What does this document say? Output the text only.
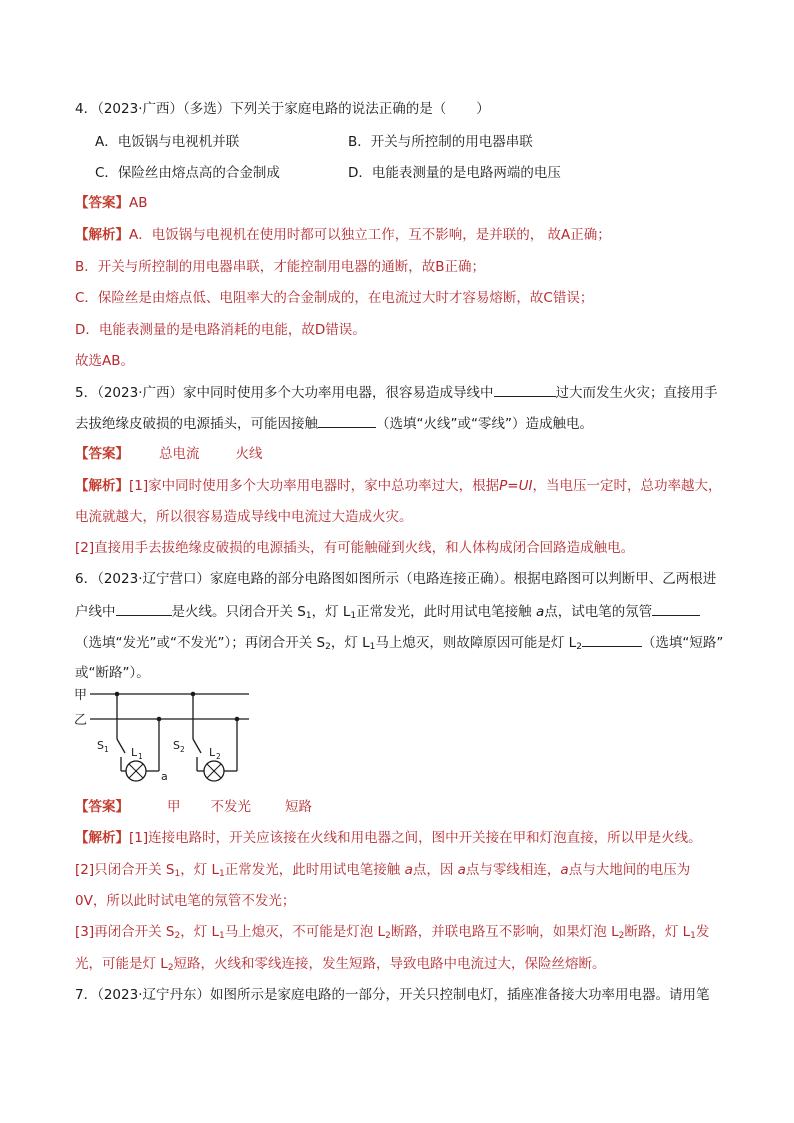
4．（2023·广西）（多选）下列关于家庭电路的说法正确的是（ ）
A．电饭锅与电视机并联	B．开关与所控制的用电器串联
C．保险丝由熔点高的合金制成	D．电能表测量的是电路两端的电压
【答案】AB
【解析】A．电饭锅与电视机在使用时都可以独立工作，互不影响，是并联的， 故A正确；
B．开关与所控制的用电器串联，才能控制用电器的通断，故B正确；
C．保险丝是由熔点低、电阻率大的合金制成的，在电流过大时才容易熔断，故C错误；
D．电能表测量的是电路消耗的电能，故D错误。
故选AB。
5．（2023·广西）家中同时使用多个大功率用电器，很容易造成导线中	过大而发生火灾；直接用手
去拔绝缘皮破损的电源插头，可能因接触	（选填“火线”或“零线”）造成触电。
【答案】 总电流	火线
【解析】[1]家中同时使用多个大功率用电器时，家中总功率过大，根据P=UI，当电压一定时，总功率越大，
电流就越大，所以很容易造成导线中电流过大造成火灾。
[2]直接用手去拔绝缘皮破损的电源插头，有可能触碰到火线，和人体构成闭合回路造成触电。
6．（2023·辽宁营口）家庭电路的部分电路图如图所示（电路连接正确）。根据电路图可以判断甲、乙两根进
户线中	是火线。只闭合开关 $S_1$，灯 $L_1$正常发光，此时用试电笔接触 a点，试电笔的氖管
（选填“发光”或“不发光”）；再闭合开关 $S_2$，灯 $L_1$马上熄灭，则故障原因可能是灯 $L_2$	（选填“短路”
或“断路”）。
甲
乙
S 1 L 1
a
S 2 L 2
【答案】	甲 不发光	短路
【解析】[1]连接电路时，开关应该接在火线和用电器之间，图中开关接在甲和灯泡直接，所以甲是火线。
[2]只闭合开关 $S_1$，灯 $L_1$正常发光，此时用试电笔接触 a点，因 a点与零线相连，a点与大地间的电压为
0V，所以此时试电笔的氖管不发光；
[3]再闭合开关 $S_2$，灯 $L_1$马上熄灭，不可能是灯泡 $L_2$断路，并联电路互不影响，如果灯泡 $L_2$断路，灯 $L_1$发
光，可能是灯 $L_2$短路，火线和零线连接，发生短路，导致电路中电流过大，保险丝熔断。
7．（2023·辽宁丹东）如图所示是家庭电路的一部分，开关只控制电灯，插座准备接大功率用电器。请用笔
